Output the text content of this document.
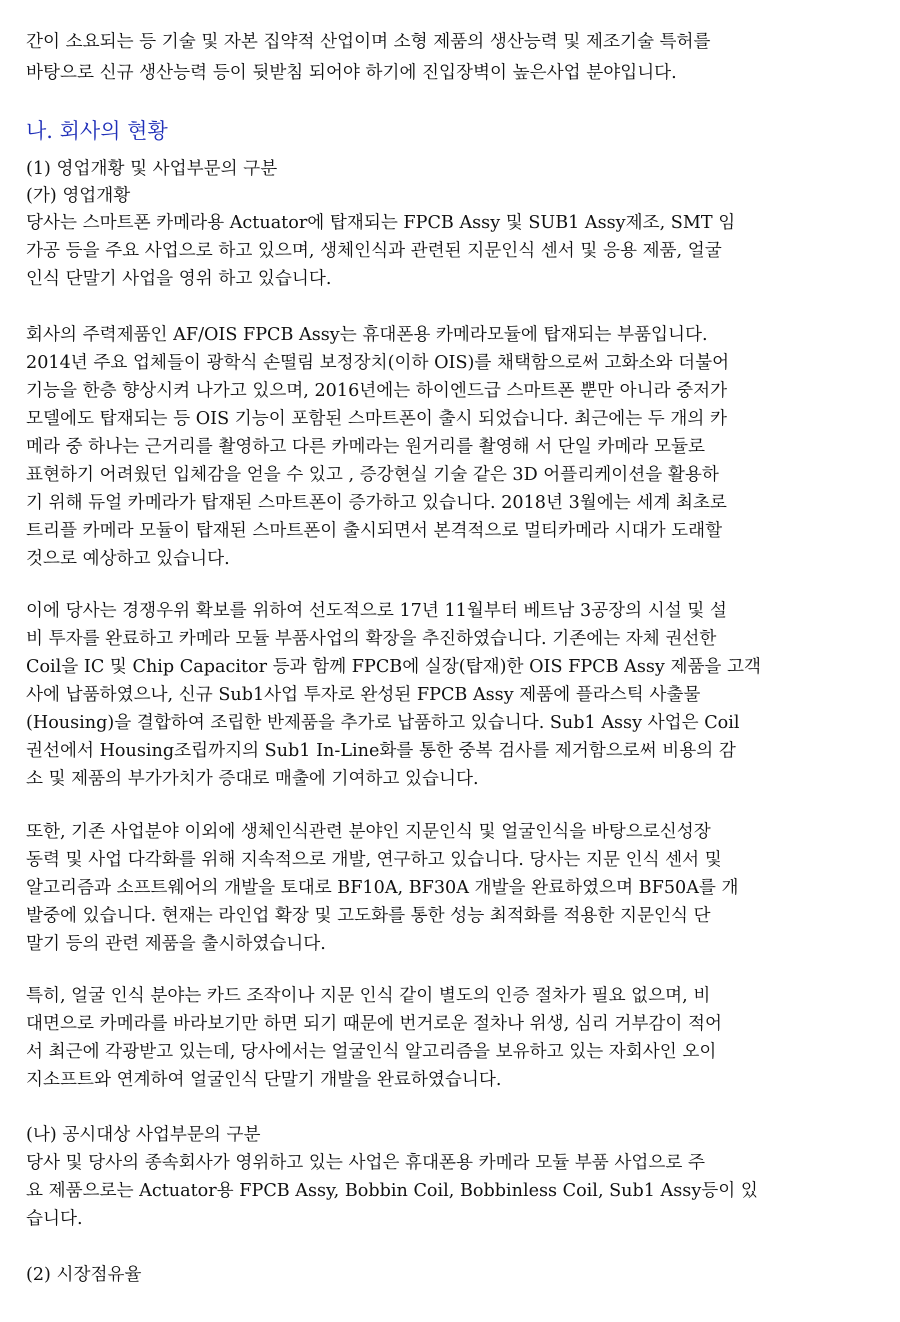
간이 소요되는 등 기술 및 자본 집약적 산업이며 소형 제품의 생산능력 및 제조기술 특허를
바탕으로 신규 생산능력 등이 뒷받침 되어야 하기에 진입장벽이 높은사업 분야입니다.
나. 회사의 현황
(1) 영업개황 및 사업부문의 구분
(가) 영업개황
당사는 스마트폰 카메라용 Actuator에 탑재되는 FPCB Assy 및 SUB1 Assy제조, SMT 임
가공 등을 주요 사업으로 하고 있으며, 생체인식과 관련된 지문인식 센서 및 응용 제품, 얼굴
인식 단말기 사업을 영위 하고 있습니다.
회사의 주력제품인 AF/OIS FPCB Assy는 휴대폰용 카메라모듈에 탑재되는 부품입니다.
2014년 주요 업체들이 광학식 손떨림 보정장치(이하 OIS)를 채택함으로써 고화소와 더불어
기능을 한층 향상시켜 나가고 있으며, 2016년에는 하이엔드급 스마트폰 뿐만 아니라 중저가
모델에도 탑재되는 등 OIS 기능이 포함된 스마트폰이 출시 되었습니다. 최근에는 두 개의 카
메라 중 하나는 근거리를 촬영하고 다른 카메라는 원거리를 촬영해 서 단일 카메라 모듈로
표현하기 어려웠던 입체감을 얻을 수 있고 , 증강현실 기술 같은 3D 어플리케이션을 활용하
기 위해 듀얼 카메라가 탑재된 스마트폰이 증가하고 있습니다. 2018년 3월에는 세계 최초로
트리플 카메라 모듈이 탑재된 스마트폰이 출시되면서 본격적으로 멀티카메라 시대가 도래할
것으로 예상하고 있습니다.
이에 당사는 경쟁우위 확보를 위하여 선도적으로 17년 11월부터 베트남 3공장의 시설 및 설
비 투자를 완료하고 카메라 모듈 부품사업의 확장을 추진하였습니다. 기존에는 자체 권선한
Coil을 IC 및 Chip Capacitor 등과 함께 FPCB에 실장(탑재)한 OIS FPCB Assy 제품을 고객
사에 납품하였으나, 신규 Sub1사업 투자로 완성된 FPCB Assy 제품에 플라스틱 사출물
(Housing)을 결합하여 조립한 반제품을 추가로 납품하고 있습니다. Sub1 Assy 사업은 Coil
권선에서 Housing조립까지의 Sub1 In-Line화를 통한 중복 검사를 제거함으로써 비용의 감
소 및 제품의 부가가치가 증대로 매출에 기여하고 있습니다.
또한, 기존 사업분야 이외에 생체인식관련 분야인 지문인식 및 얼굴인식을 바탕으로신성장
동력 및 사업 다각화를 위해 지속적으로 개발, 연구하고 있습니다. 당사는 지문 인식 센서 및
알고리즘과 소프트웨어의 개발을 토대로 BF10A, BF30A 개발을 완료하였으며 BF50A를 개
발중에 있습니다. 현재는 라인업 확장 및 고도화를 통한 성능 최적화를 적용한 지문인식 단
말기 등의 관련 제품을 출시하였습니다.
특히, 얼굴 인식 분야는 카드 조작이나 지문 인식 같이 별도의 인증 절차가 필요 없으며, 비
대면으로 카메라를 바라보기만 하면 되기 때문에 번거로운 절차나 위생, 심리 거부감이 적어
서 최근에 각광받고 있는데, 당사에서는 얼굴인식 알고리즘을 보유하고 있는 자회사인 오이
지소프트와 연계하여 얼굴인식 단말기 개발을 완료하였습니다.
(나) 공시대상 사업부문의 구분
당사 및 당사의 종속회사가 영위하고 있는 사업은 휴대폰용 카메라 모듈 부품 사업으로 주
요 제품으로는 Actuator용 FPCB Assy, Bobbin Coil, Bobbinless Coil, Sub1 Assy등이 있
습니다.
(2) 시장점유율
